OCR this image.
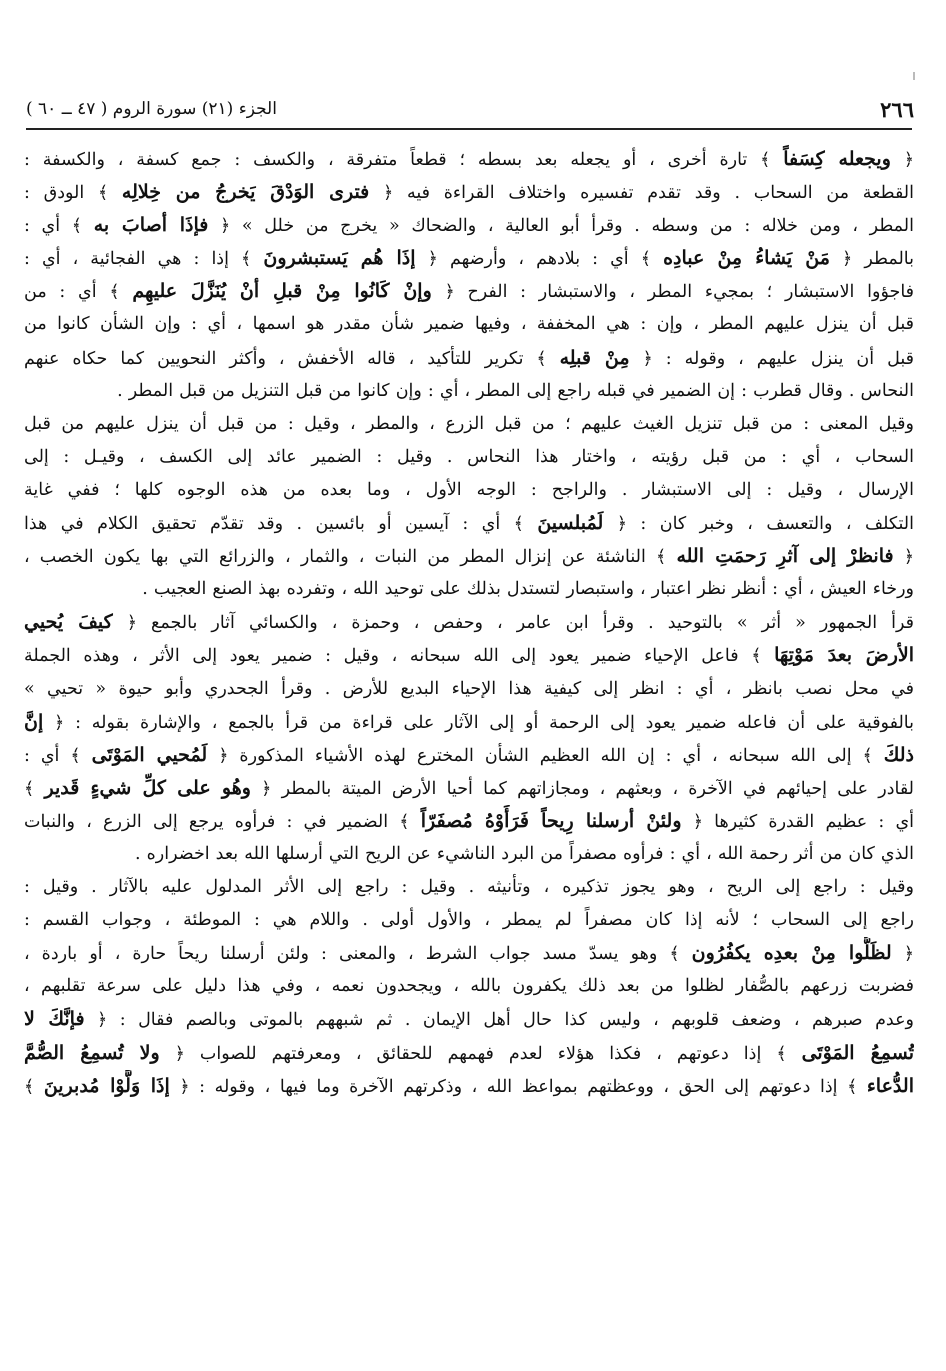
٢٦٦
الجزء (٢١) سورة الروم ( ٤٧ ــ ٦٠ )
﴿ ويجعله كِسَفاً ﴾ تارة أخرى ، أو يجعله بعد بسطه ؛ قطعاً متفرقة ، والكسف : جمع كسفة ، والكسفة :
القطعة من السحاب . وقد تقدم تفسيره واختلاف القراءة فيه ﴿ فترى الوَدْقَ يَخرجُ من خِلالِه ﴾ الودق :
المطر ، ومن خلاله : من وسطه . وقرأ أبو العالية ، والضحاك « يخرج من خلل » ﴿ فإذَا أصابَ به ﴾ أي :
بالمطر ﴿ مَنْ يَشاءُ مِنْ عبادِه ﴾ أي : بلادهم ، وأرضهم ﴿ إذَا هُم يَستبشرونَ ﴾ إذا : هي الفجائية ، أي :
فاجؤوا الاستبشار ؛ بمجيء المطر ، والاستبشار : الفرح ﴿ وإنْ كَانُوا مِنْ قبلِ أنْ يُنَزَّلَ عليهِم ﴾ أي : من
قبل أن ينزل عليهم المطر ، وإن : هي المخففة ، وفيها ضمير شأن مقدر هو اسمها ، أي : وإن الشأن كانوا من
قبل أن ينزل عليهم ، وقوله : ﴿ مِنْ قبلِه ﴾ تكرير للتأكيد ، قاله الأخفش ، وأكثر النحويين كما حكاه عنهم
النحاس . وقال قطرب : إن الضمير في قبله راجع إلى المطر ، أي : وإن كانوا من قبل التنزيل من قبل المطر .
وقيل المعنى : من قبل تنزيل الغيث عليهم ؛ من قبل الزرع ، والمطر ، وقيل : من قبل أن ينزل عليهم من قبل
السحاب ، أي : من قبل رؤيته ، واختار هذا النحاس . وقيل : الضمير عائد إلى الكسف ، وقيـل : إلى
الإرسال ، وقيل : إلى الاستبشار . والراجح : الوجه الأول ، وما بعده من هذه الوجوه كلها ؛ ففي غاية
التكلف ، والتعسف ، وخبر كان : ﴿ لَمُبلسينَ ﴾ أي : آيسين أو بائسين . وقد تقدّم تحقيق الكلام في هذا
﴿ فانظرْ إلى آثرِ رَحمَتِ الله ﴾ الناشئة عن إنزال المطر من النبات ، والثمار ، والزرائع التي بها يكون الخصب ،
ورخاء العيش ، أي : أنظر نظر اعتبار ، واستبصار لتستدل بذلك على توحيد الله ، وتفرده بهذ الصنع العجيب .
قرأ الجمهور « أثر » بالتوحيد . وقرأ ابن عامر ، وحفص ، وحمزة ، والكسائي آثار بالجمع ﴿ كيفَ يُحيي
الأرضَ بعدَ مَوْتِهَا ﴾ فاعل الإحياء ضمير يعود إلى الله سبحانه ، وقيل : ضمير يعود إلى الأثر ، وهذه الجملة
في محل نصب بانظر ، أي : انظر إلى كيفية هذا الإحياء البديع للأرض . وقرأ الجحدري وأبو حيوة « تحيي »
بالفوقية على أن فاعله ضمير يعود إلى الرحمة أو إلى الآثار على قراءة من قرأ بالجمع ، والإشارة بقوله : ﴿ إنَّ
ذلكَ ﴾ إلى الله سبحانه ، أي : إن الله العظيم الشأن المخترع لهذه الأشياء المذكورة ﴿ لَمُحيي المَوْتَى ﴾ أي :
لقادر على إحيائهم في الآخرة ، وبعثهم ، ومجازاتهم كما أحيا الأرض الميتة بالمطر ﴿ وهُو على كلِّ شيءٍ قَدير ﴾
أي : عظيم القدرة كثيرها ﴿ ولئنْ أرسلنا رِيحاً فَرَأَوْهُ مُصفَرّاً ﴾ الضمير في : فرأوه يرجع إلى الزرع ، والنبات
الذي كان من أثر رحمة الله ، أي : فرأوه مصفراً من البرد الناشيء عن الريح التي أرسلها الله بعد اخضراره .
وقيل : راجع إلى الريح ، وهو يجوز تذكيره ، وتأنيثه . وقيل : راجع إلى الأثر المدلول عليه بالآثار . وقيل :
راجع إلى السحاب ؛ لأنه إذا كان مصفراً لم يمطر ، والأول أولى . واللام هي : الموطئة ، وجواب القسم :
﴿ لظَلُّوا مِنْ بعدِه يكفُرُون ﴾ وهو يسدّ مسد جواب الشرط ، والمعنى : ولئن أرسلنا ريحاً حارة ، أو باردة ،
فضربت زرعهم بالصُّفار لظلوا من بعد ذلك يكفرون بالله ، ويجحدون نعمه ، وفي هذا دليل على سرعة تقلبهم ،
وعدم صبرهم ، وضعف قلوبهم ، وليس كذا حال أهل الإيمان . ثم شبههم بالموتى وبالصم فقال : ﴿ فإنَّكَ لا
تُسمِعُ المَوْتَى ﴾ إذا دعوتهم ، فكذا هؤلاء لعدم فهمهم للحقائق ، ومعرفتهم للصواب ﴿ ولا تُسمِعُ الصُّمَّ
الدُّعاء ﴾ إذا دعوتهم إلى الحق ، ووعظتهم بمواعظ الله ، وذكرتهم الآخرة وما فيها ، وقوله : ﴿ إذَا وَلَّوْا مُدبرينَ ﴾
